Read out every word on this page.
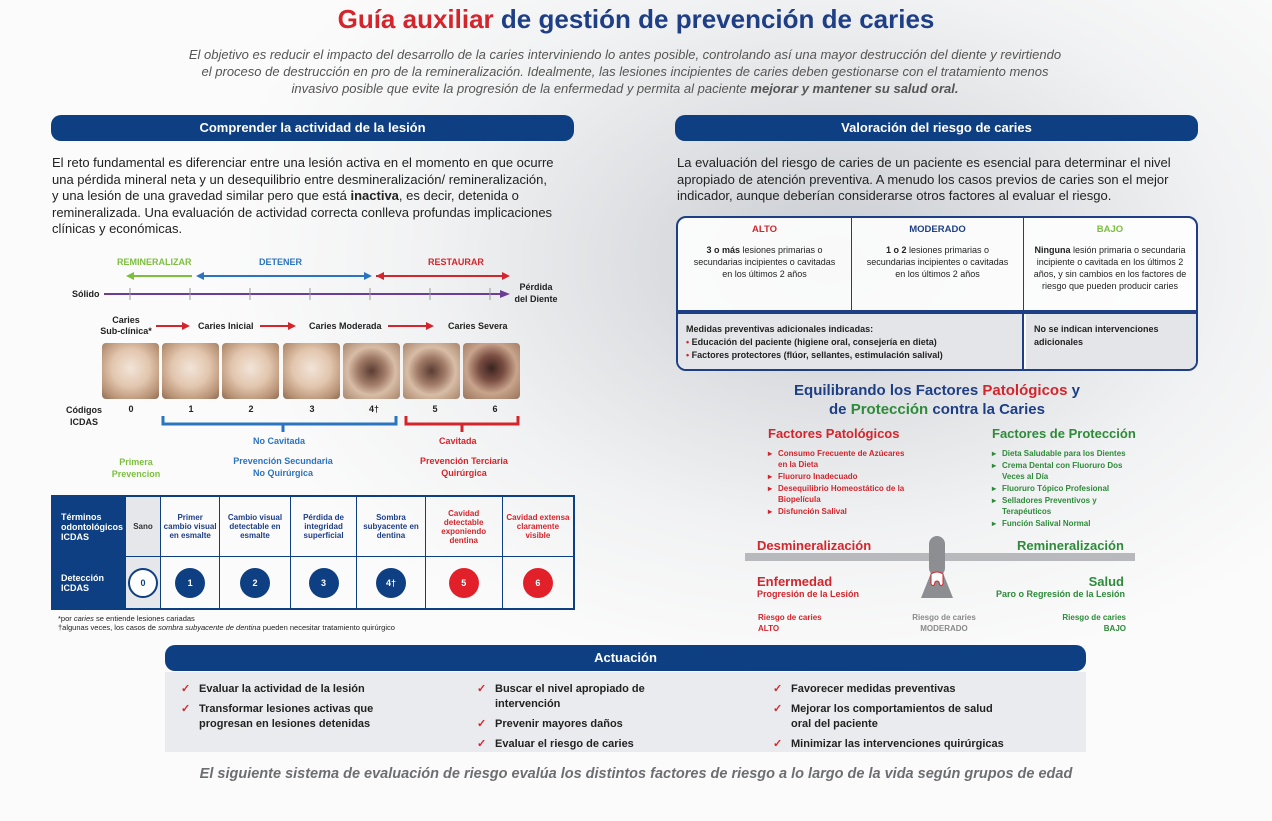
Guía auxiliar de gestión de prevención de caries
El objetivo es reducir el impacto del desarrollo de la caries interviniendo lo antes posible, controlando así una mayor destrucción del diente y revirtiendo
el proceso de destrucción en pro de la remineralización. Idealmente, las lesiones incipientes de caries deben gestionarse con el tratamiento menos
invasivo posible que evite la progresión de la enfermedad y permita al paciente mejorar y mantener su salud oral.
Comprender la actividad de la lesión
El reto fundamental es diferenciar entre una lesión activa en el momento en que ocurre una pérdida mineral neta y un desequilibrio entre desmineralización/ remineralización, y una lesión de una gravedad similar pero que está inactiva, es decir, detenida o remineralizada. Una evaluación de actividad correcta conlleva profundas implicaciones clínicas y económicas.
REMINERALIZAR	DETENER	RESTAURAR
Sólido
Pérdida
del Diente
Caries
Sub-clínica*	Caries Inicial	Caries Moderada	Caries Severa
Códigos
ICDAS
0	1	2	3	4†	5	6
No Cavitada	Cavitada
Primera
Prevencion
Prevención Secundaria
No Quirúrgica
Prevención Terciaria
Quirúrgica
Términos odontológicos ICDAS	Sano	Primer cambio visual en esmalte	Cambio visual detectable en esmalte	Pérdida de integridad superficial	Sombra subyacente en dentina	Cavidad detectable exponiendo dentina	Cavidad extensa claramente visible
Detección ICDAS	0	1	2	3	4†	5	6
*por caries se entiende lesiones cariadas
†algunas veces, los casos de sombra subyacente de dentina pueden necesitar tratamiento quirúrgico
Valoración del riesgo de caries
La evaluación del riesgo de caries de un paciente es esencial para determinar el nivel apropiado de atención preventiva. A menudo los casos previos de caries son el mejor indicador, aunque deberían considerarse otros factores al evaluar el riesgo.
ALTO
3 o más lesiones primarias o secundarias incipientes o cavitadas en los últimos 2 años
MODERADO
1 o 2 lesiones primarias o secundarias incipientes o cavitadas en los últimos 2 años
BAJO
Ninguna lesión primaria o secundaria incipiente o cavitada en los últimos 2 años, y sin cambios en los factores de riesgo que pueden producir caries
Medidas preventivas adicionales indicadas:
• Educación del paciente (higiene oral, consejería en dieta)
• Factores protectores (flúor, sellantes, estimulación salival)
No se indican intervenciones adicionales
Equilibrando los Factores Patológicos y
de Protección contra la Caries
Factores Patológicos
▸ Consumo Frecuente de Azúcares en la Dieta
▸ Fluoruro Inadecuado
▸ Desequilibrio Homeostático de la Biopelícula
▸ Disfunción Salival
Factores de Protección
▸ Dieta Saludable para los Dientes
▸ Crema Dental con Fluoruro Dos Veces al Día
▸ Fluoruro Tópico Profesional
▸ Selladores Preventivos y Terapéuticos
▸ Función Salival Normal
Desmineralización	Remineralización
Enfermedad
Progresión de la Lesión
Salud
Paro o Regresión de la Lesión
Riesgo de caries
ALTO
Riesgo de caries
MODERADO
Riesgo de caries
BAJO
Actuación
✓ Evaluar la actividad de la lesión
✓ Transformar lesiones activas que progresan en lesiones detenidas
✓ Buscar el nivel apropiado de intervención
✓ Prevenir mayores daños
✓ Evaluar el riesgo de caries
✓ Favorecer medidas preventivas
✓ Mejorar los comportamientos de salud oral del paciente
✓ Minimizar las intervenciones quirúrgicas
El siguiente sistema de evaluación de riesgo evalúa los distintos factores de riesgo a lo largo de la vida según grupos de edad
